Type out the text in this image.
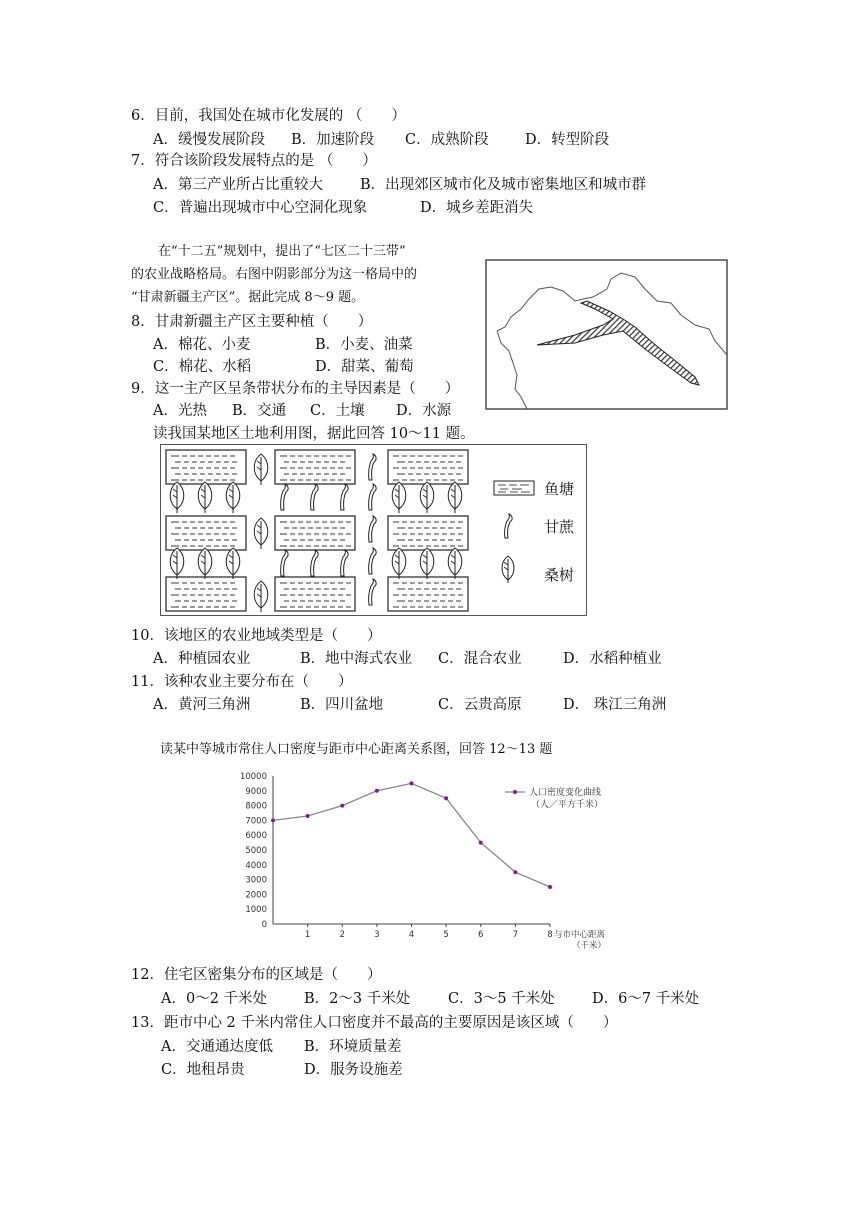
6．目前，我国处在城市化发展的 （　　）
A．缓慢发展阶段 B．加速阶段 C．成熟阶段	D．转型阶段
7．符合该阶段发展特点的是 （　　）
A．第三产业所占比重较大	B．出现郊区城市化及城市密集地区和城市群
C．普遍出现城市中心空洞化现象	D．城乡差距消失
在“十二五”规划中，提出了“七区二十三带”
的农业战略格局。右图中阴影部分为这一格局中的
“甘肃新疆主产区”。据此完成 8～9 题。
8．甘肃新疆主产区主要种植（　　）
A．棉花、小麦	B．小麦、油菜
C．棉花、水稻	D．甜菜、葡萄
9．这一主产区呈条带状分布的主导因素是（　　）
A．光热 B．交通 C．土壤 D．水源
读我国某地区土地利用图，据此回答 10～11 题。
鱼塘
甘蔗
桑树
10．该地区的农业地域类型是（　　）
A．种植园农业	B．地中海式农业 C．混合农业	D．水稻种植业
11．该种农业主要分布在（　　）
A．黄河三角洲	B．四川盆地	C．云贵高原	D． 珠江三角洲
读某中等城市常住人口密度与距市中心距离关系图，回答 12～13 题
0
1000
2000
3000
4000
5000
6000
7000
8000
9000
10000
1	2	3	4	5	6	7	8 与市中心距离
（千米）
人口密度变化曲线
（人／平方千米）
12．住宅区密集分布的区域是（　　）
A．0～2 千米处	B．2～3 千米处	C．3～5 千米处	D．6～7 千米处
13．距市中心 2 千米内常住人口密度并不最高的主要原因是该区域（　　）
A．交通通达度低 B．环境质量差
C．地租昂贵	D．服务设施差
